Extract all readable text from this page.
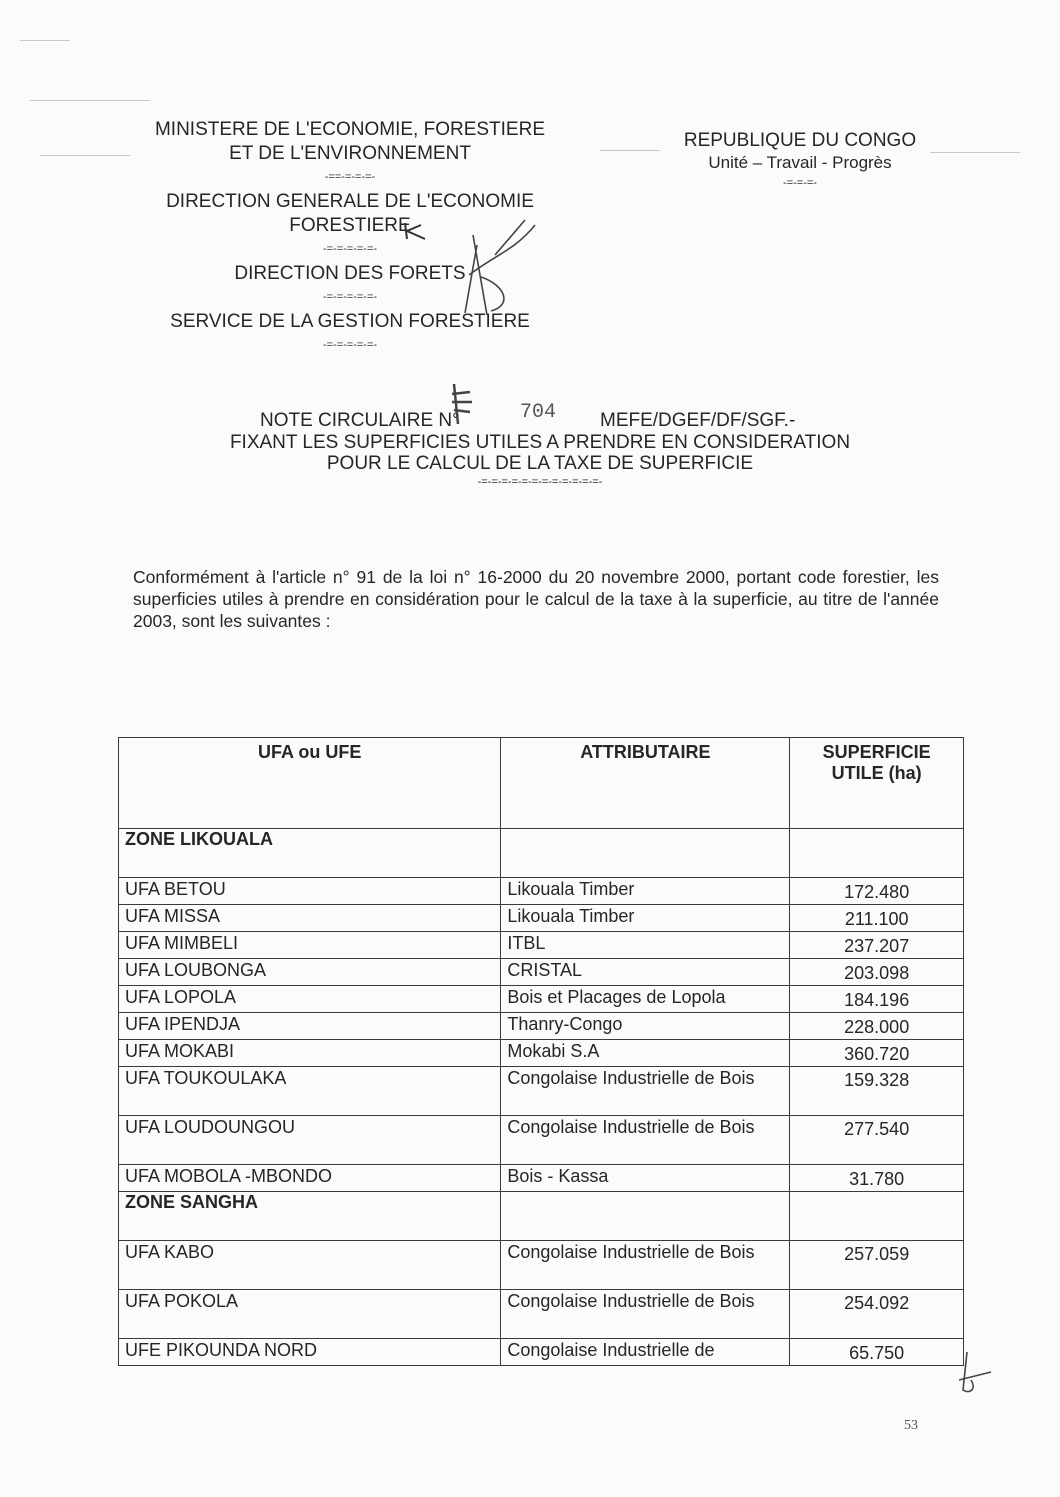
MINISTERE DE L'ECONOMIE, FORESTIERE
ET DE L'ENVIRONNEMENT
-==-=-=-=-
DIRECTION GENERALE DE L'ECONOMIE
FORESTIERE
-=-=-=-=-=-
DIRECTION DES FORETS
-=-=-=-=-=-
SERVICE DE LA GESTION FORESTIERE
-=-=-=-=-=-
REPUBLIQUE DU CONGO
Unité – Travail - Progrès
-=-=-=-
NOTE CIRCULAIRE N°	704 MEFE/DGEF/DF/SGF.-
FIXANT LES SUPERFICIES UTILES A PRENDRE EN CONSIDERATION
POUR LE CALCUL DE LA TAXE DE SUPERFICIE
-=-=-=-=-=-=-=-=-=-=-=-=-
Conformément à l'article n° 91 de la loi n° 16-2000 du 20 novembre 2000, portant code forestier, les superficies utiles à prendre en considération pour le calcul de la taxe à la superficie, au titre de l'année 2003, sont les suivantes :
UFA ou UFE	ATTRIBUTAIRE	SUPERFICIE UTILE (ha)
ZONE LIKOUALA		
UFA BETOU	Likouala Timber	172.480
UFA MISSA	Likouala Timber	211.100
UFA MIMBELI	ITBL	237.207
UFA LOUBONGA	CRISTAL	203.098
UFA LOPOLA	Bois et Placages de Lopola	184.196
UFA IPENDJA	Thanry-Congo	228.000
UFA MOKABI	Mokabi S.A	360.720
UFA TOUKOULAKA	Congolaise Industrielle de Bois	159.328
UFA LOUDOUNGOU	Congolaise Industrielle de Bois	277.540
UFA MOBOLA -MBONDO	Bois - Kassa	31.780
ZONE SANGHA		
UFA KABO	Congolaise Industrielle de Bois	257.059
UFA POKOLA	Congolaise Industrielle de Bois	254.092
UFE PIKOUNDA NORD	Congolaise Industrielle de	65.750
53
